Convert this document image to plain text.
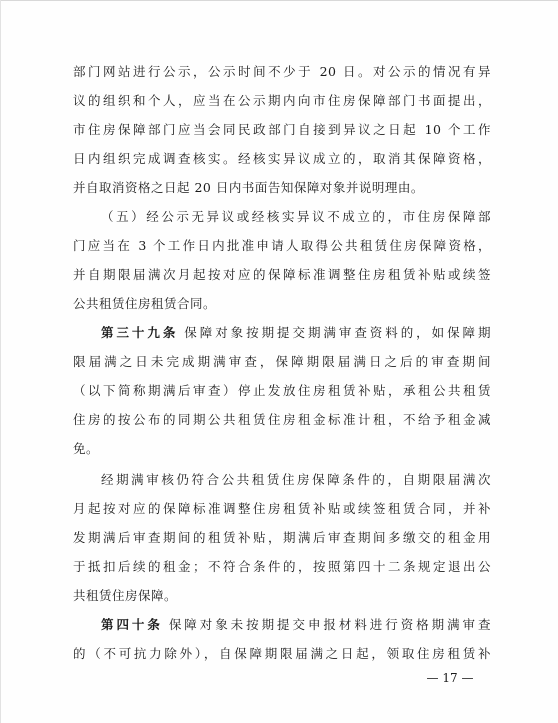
部门网站进行公示，公示时间不少于 20 日。对公示的情况有异
议的组织和个人，应当在公示期内向市住房保障部门书面提出，
市住房保障部门应当会同民政部门自接到异议之日起 10 个工作
日内组织完成调查核实。经核实异议成立的，取消其保障资格，
并自取消资格之日起 20 日内书面告知保障对象并说明理由。
（五）经公示无异议或经核实异议不成立的，市住房保障部
门应当在 3 个工作日内批准申请人取得公共租赁住房保障资格，
并自期限届满次月起按对应的保障标准调整住房租赁补贴或续签
公共租赁住房租赁合同。
第三十九条 保障对象按期提交期满审查资料的，如保障期
限届满之日未完成期满审查，保障期限届满日之后的审查期间
（以下简称期满后审查）停止发放住房租赁补贴，承租公共租赁
住房的按公布的同期公共租赁住房租金标准计租，不给予租金减
免。
经期满审核仍符合公共租赁住房保障条件的，自期限届满次
月起按对应的保障标准调整住房租赁补贴或续签租赁合同，并补
发期满后审查期间的租赁补贴，期满后审查期间多缴交的租金用
于抵扣后续的租金；不符合条件的，按照第四十二条规定退出公
共租赁住房保障。
第四十条 保障对象未按期提交申报材料进行资格期满审查
的（不可抗力除外），自保障期限届满之日起，领取住房租赁补
— 17 —
